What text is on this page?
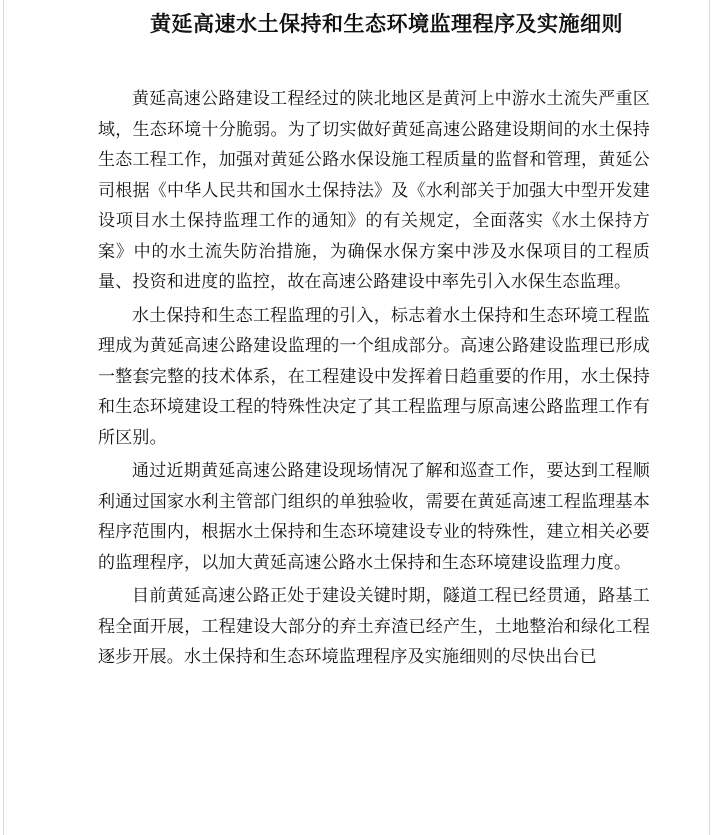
黄延高速水土保持和生态环境监理程序及实施细则

黄延高速公路建设工程经过的陕北地区是黄河上中游水土流失严重区域，生态环境十分脆弱。为了切实做好黄延高速公路建设期间的水土保持生态工程工作，加强对黄延公路水保设施工程质量的监督和管理，黄延公司根据《中华人民共和国水土保持法》及《水利部关于加强大中型开发建设项目水土保持监理工作的通知》的有关规定，全面落实《水土保持方案》中的水土流失防治措施，为确保水保方案中涉及水保项目的工程质量、投资和进度的监控，故在高速公路建设中率先引入水保生态监理。

水土保持和生态工程监理的引入，标志着水土保持和生态环境工程监理成为黄延高速公路建设监理的一个组成部分。高速公路建设监理已形成一整套完整的技术体系，在工程建设中发挥着日趋重要的作用，水土保持和生态环境建设工程的特殊性决定了其工程监理与原高速公路监理工作有所区别。

通过近期黄延高速公路建设现场情况了解和巡查工作，要达到工程顺利通过国家水利主管部门组织的单独验收，需要在黄延高速工程监理基本程序范围内，根据水土保持和生态环境建设专业的特殊性，建立相关必要的监理程序，以加大黄延高速公路水土保持和生态环境建设监理力度。

目前黄延高速公路正处于建设关键时期，隧道工程已经贯通，路基工程全面开展，工程建设大部分的弃土弃渣已经产生，土地整治和绿化工程逐步开展。水土保持和生态环境监理程序及实施细则的尽快出台已
